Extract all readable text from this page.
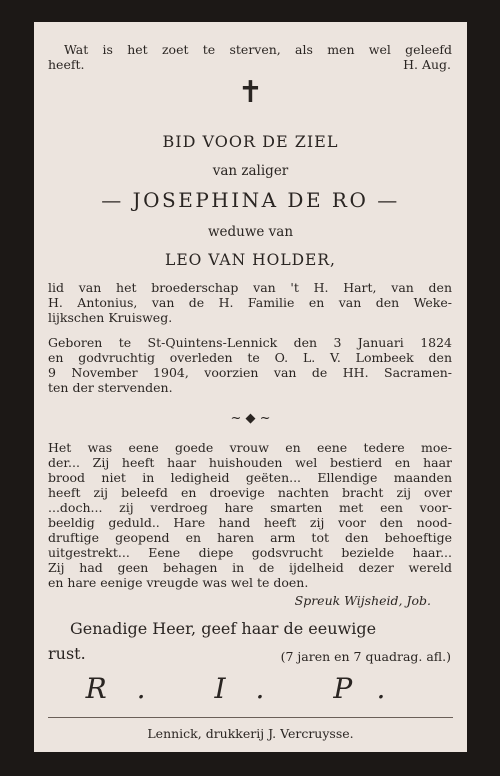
Wat is het zoet te sterven, als men wel geleefd
heeft.	H. Aug.
✝
BID VOOR DE ZIEL
van zaliger
— JOSEPHINA DE RO —
weduwe van
LEO VAN HOLDER,
lid van het broederschap van 't H. Hart, van den
H. Antonius, van de H. Familie en van den Weke-
lijkschen Kruisweg.
Geboren te St-Quintens-Lennick den 3 Januari 1824
en godvruchtig overleden te O. L. V. Lombeek den
9 November 1904, voorzien van de HH. Sacramen-
ten der stervenden.
~ ◆ ~
Het was eene goede vrouw en eene tedere moe-
der... Zij heeft haar huishouden wel bestierd en haar
brood niet in ledigheid geëten... Ellendige maanden
heeft zij beleefd en droevige nachten bracht zij over
...doch... zij verdroeg hare smarten met een voor-
beeldig geduld.. Hare hand heeft zij voor den nood-
druftige geopend en haren arm tot den behoeftige
uitgestrekt... Eene diepe godsvrucht bezielde haar...
Zij had geen behagen in de ijdelheid dezer wereld
en hare eenige vreugde was wel te doen.
Spreuk Wijsheid, Job.
Genadige Heer, geef haar de eeuwige
rust.	(7 jaren en 7 quadrag. afl.)
R. I. P.
Lennick, drukkerij J. Vercruysse.
